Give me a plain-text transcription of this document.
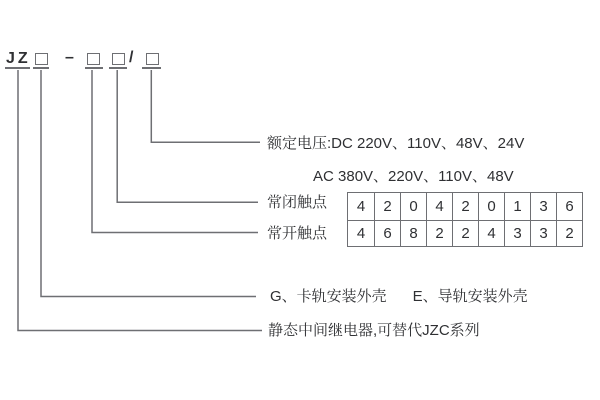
JZ –	/
额定电压:DC 220V、110V、48V、24V
AC 380V、220V、110V、48V
常闭触点
常开触点
G、卡轨安装外壳 E、导轨安装外壳
静态中间继电器,可替代JZC系列
4	2	0	4	2	0	1	3	6
4	6	8	2	2	4	3	3	2
